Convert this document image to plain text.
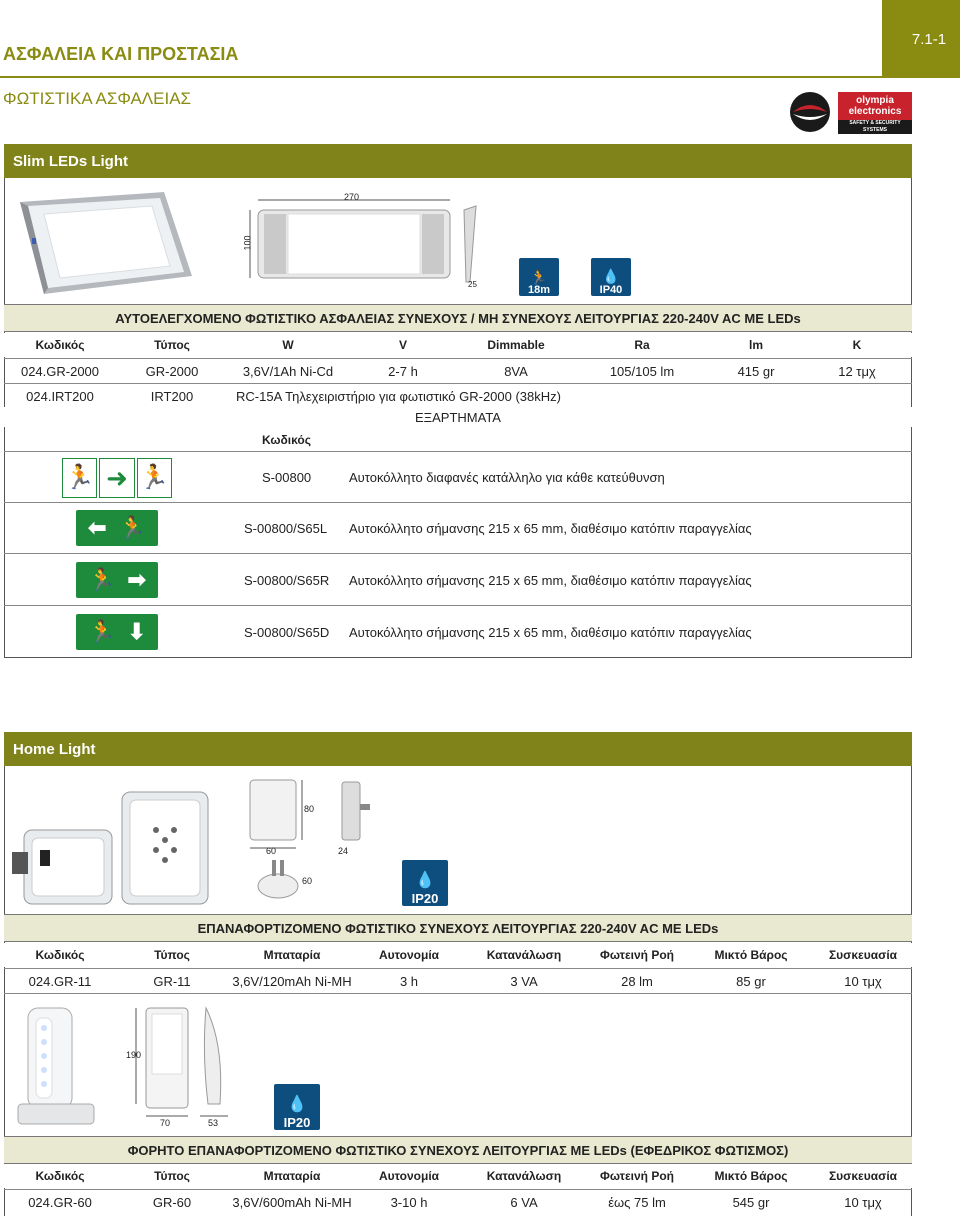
ΑΣΦΑΛΕΙΑ ΚΑΙ ΠΡΟΣΤΑΣΙΑ
7.1-1
ΦΩΤΙΣΤΙΚΑ ΑΣΦΑΛΕΙΑΣ	olympia
electronics
SAFETY & SECURITY SYSTEMS
Slim LEDs Light
270
100
25	🏃
18m
💧
IP40
ΑΥΤΟΕΛΕΓΧΟΜΕΝΟ ΦΩΤΙΣΤΙΚΟ ΑΣΦΑΛΕΙΑΣ ΣΥΝΕΧΟΥΣ / ΜΗ ΣΥΝΕΧΟΥΣ ΛΕΙΤΟΥΡΓΙΑΣ 220-240V AC ΜΕ LEDs
Κωδικός	Τύπος	W	V	Dimmable	Ra	lm	K
024.GR-2000	GR-2000	3,6V/1Ah Ni-Cd	2-7 h	8VA	105/105 lm	415 gr	12 τμχ
024.IRT200	IRT200	RC-15A Τηλεχειριστήριο για φωτιστικό GR-2000 (38kHz)
ΕΞΑΡΤΗΜΑΤΑ
Κωδικός
🏃 ➜ 🏃	S-00800	Αυτοκόλλητο διαφανές κατάλληλο για κάθε κατεύθυνση
⬅ 🏃	S-00800/S65L Αυτοκόλλητο σήμανσης 215 x 65 mm, διαθέσιμο κατόπιν παραγγελίας
🏃 ➡	S-00800/S65R Αυτοκόλλητο σήμανσης 215 x 65 mm, διαθέσιμο κατόπιν παραγγελίας
🏃 ⬇	S-00800/S65D Αυτοκόλλητο σήμανσης 215 x 65 mm, διαθέσιμο κατόπιν παραγγελίας
Home Light
80
60	24
60	💧
IP20
ΕΠΑΝΑΦΟΡΤΙΖΟΜΕΝΟ ΦΩΤΙΣΤΙΚΟ ΣΥΝΕΧΟΥΣ ΛΕΙΤΟΥΡΓΙΑΣ 220-240V AC ΜΕ LEDs
Κωδικός	Τύπος	Μπαταρία	Αυτονομία	Κατανάλωση	Φωτεινή Ροή	Μικτό Βάρος	Συσκευασία
024.GR-11	GR-11	3,6V/120mAh Ni-MH	3 h	3 VA	28 lm	85 gr	10 τμχ
190
70	53
💧
IP20
ΦΟΡΗΤΟ ΕΠΑΝΑΦΟΡΤΙΖΟΜΕΝΟ ΦΩΤΙΣΤΙΚΟ ΣΥΝΕΧΟΥΣ ΛΕΙΤΟΥΡΓΙΑΣ ΜΕ LEDs (ΕΦΕΔΡΙΚΟΣ ΦΩΤΙΣΜΟΣ)
Κωδικός	Τύπος	Μπαταρία	Αυτονομία	Κατανάλωση	Φωτεινή Ροή	Μικτό Βάρος	Συσκευασία
024.GR-60	GR-60	3,6V/600mAh Ni-MH	3-10 h	6 VA	έως 75 lm	545 gr	10 τμχ
